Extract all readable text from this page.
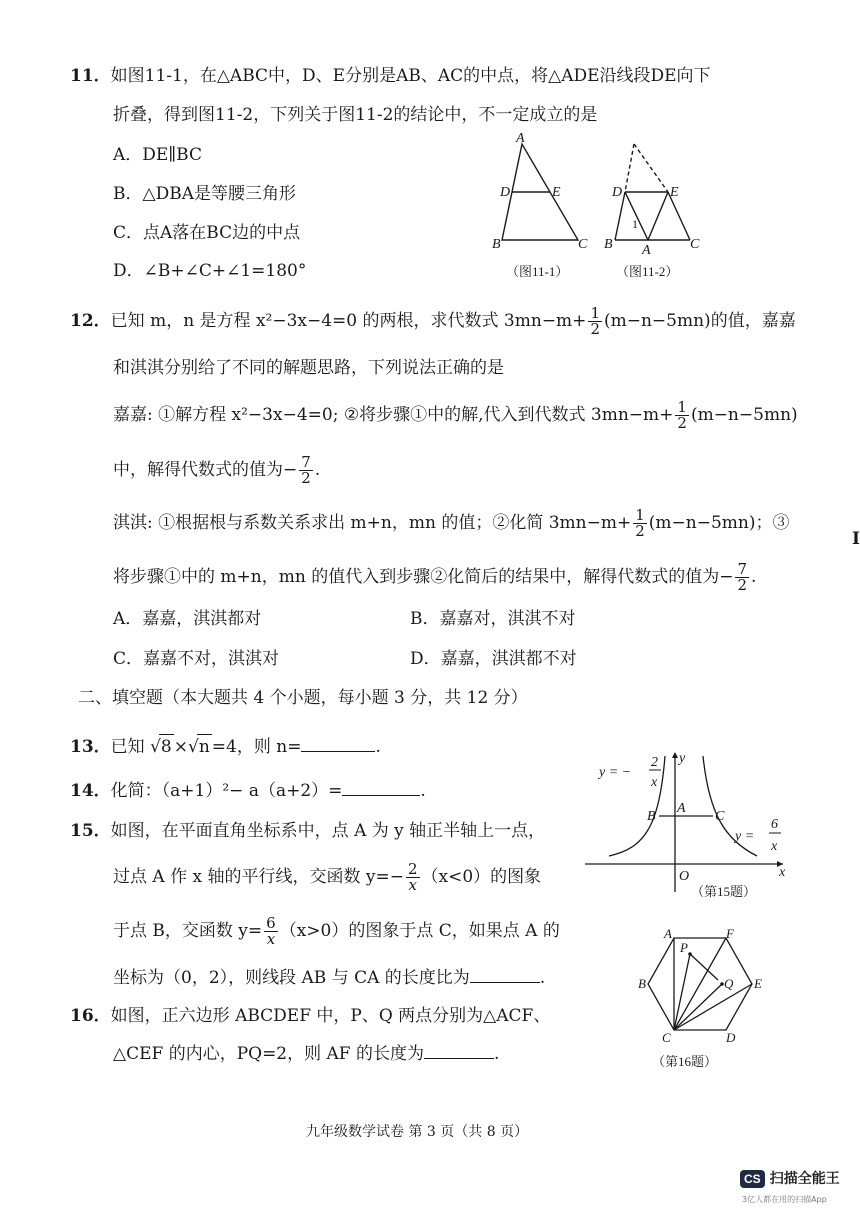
11．如图11-1，在△ABC中，D、E分别是AB、AC的中点，将△ADE沿线段DE向下
折叠，得到图11-2，下列关于图11-2的结论中，不一定成立的是
A．DE∥BC
B．△DBA是等腰三角形
C．点A落在BC边的中点
D．∠B+∠C+∠1=180°
A
B	C
D	E
B	C
D	E
A
1
（图11-1）	（图11-2）
12．已知 m，n 是方程 x²−3x−4=0 的两根，求代数式 $3mn-m+ \frac{1}{2} (m-n-5mn)$的值，嘉嘉
和淇淇分别给了不同的解题思路，下列说法正确的是
嘉嘉: ①解方程 x²−3x−4=0; ②将步骤①中的解,代入到代数式 $3mn-m+ \frac{1}{2} (m-n-5mn)$
中，解得代数式的值为− $\frac{7}{2}$ .
淇淇: ①根据根与系数关系求出 m+n，mn 的值；②化简 $3mn-m+ \frac{1}{2} (m-n-5mn)$；③
将步骤①中的 m+n，mn 的值代入到步骤②化简后的结果中，解得代数式的值为− $\frac{7}{2}$ .
A．嘉嘉，淇淇都对	B．嘉嘉对，淇淇不对
C．嘉嘉不对，淇淇对	D．嘉嘉，淇淇都不对
二、填空题（本大题共 4 个小题，每小题 3 分，共 12 分）
13．已知 √8 ×√n =4，则 n=	.
14．化简：（a+1）²− a（a+2）=	.
15．如图，在平面直角坐标系中，点 A 为 y 轴正半轴上一点，
过点 A 作 x 轴的平行线，交函数 $y=- \frac{2}{x} (x<0)$的图象
于点 B，交函数 $y= \frac{6}{x} (x>0)$的图象于点 C，如果点 A 的
坐标为（0，2），则线段 AB 与 CA 的长度比为	.
A
B	C
O	x
y
y = −
2
x
y =
6
x
（第15题）
16．如图，正六边形 ABCDEF 中，P、Q 两点分别为△ACF、
△CEF 的内心，PQ=2，则 AF 的长度为	.
A	F
B	E
C	D
P
Q
（第16题）
I
九年级数学试卷 第 3 页（共 8 页）
CS 扫描全能王
3亿人都在用的扫描App
